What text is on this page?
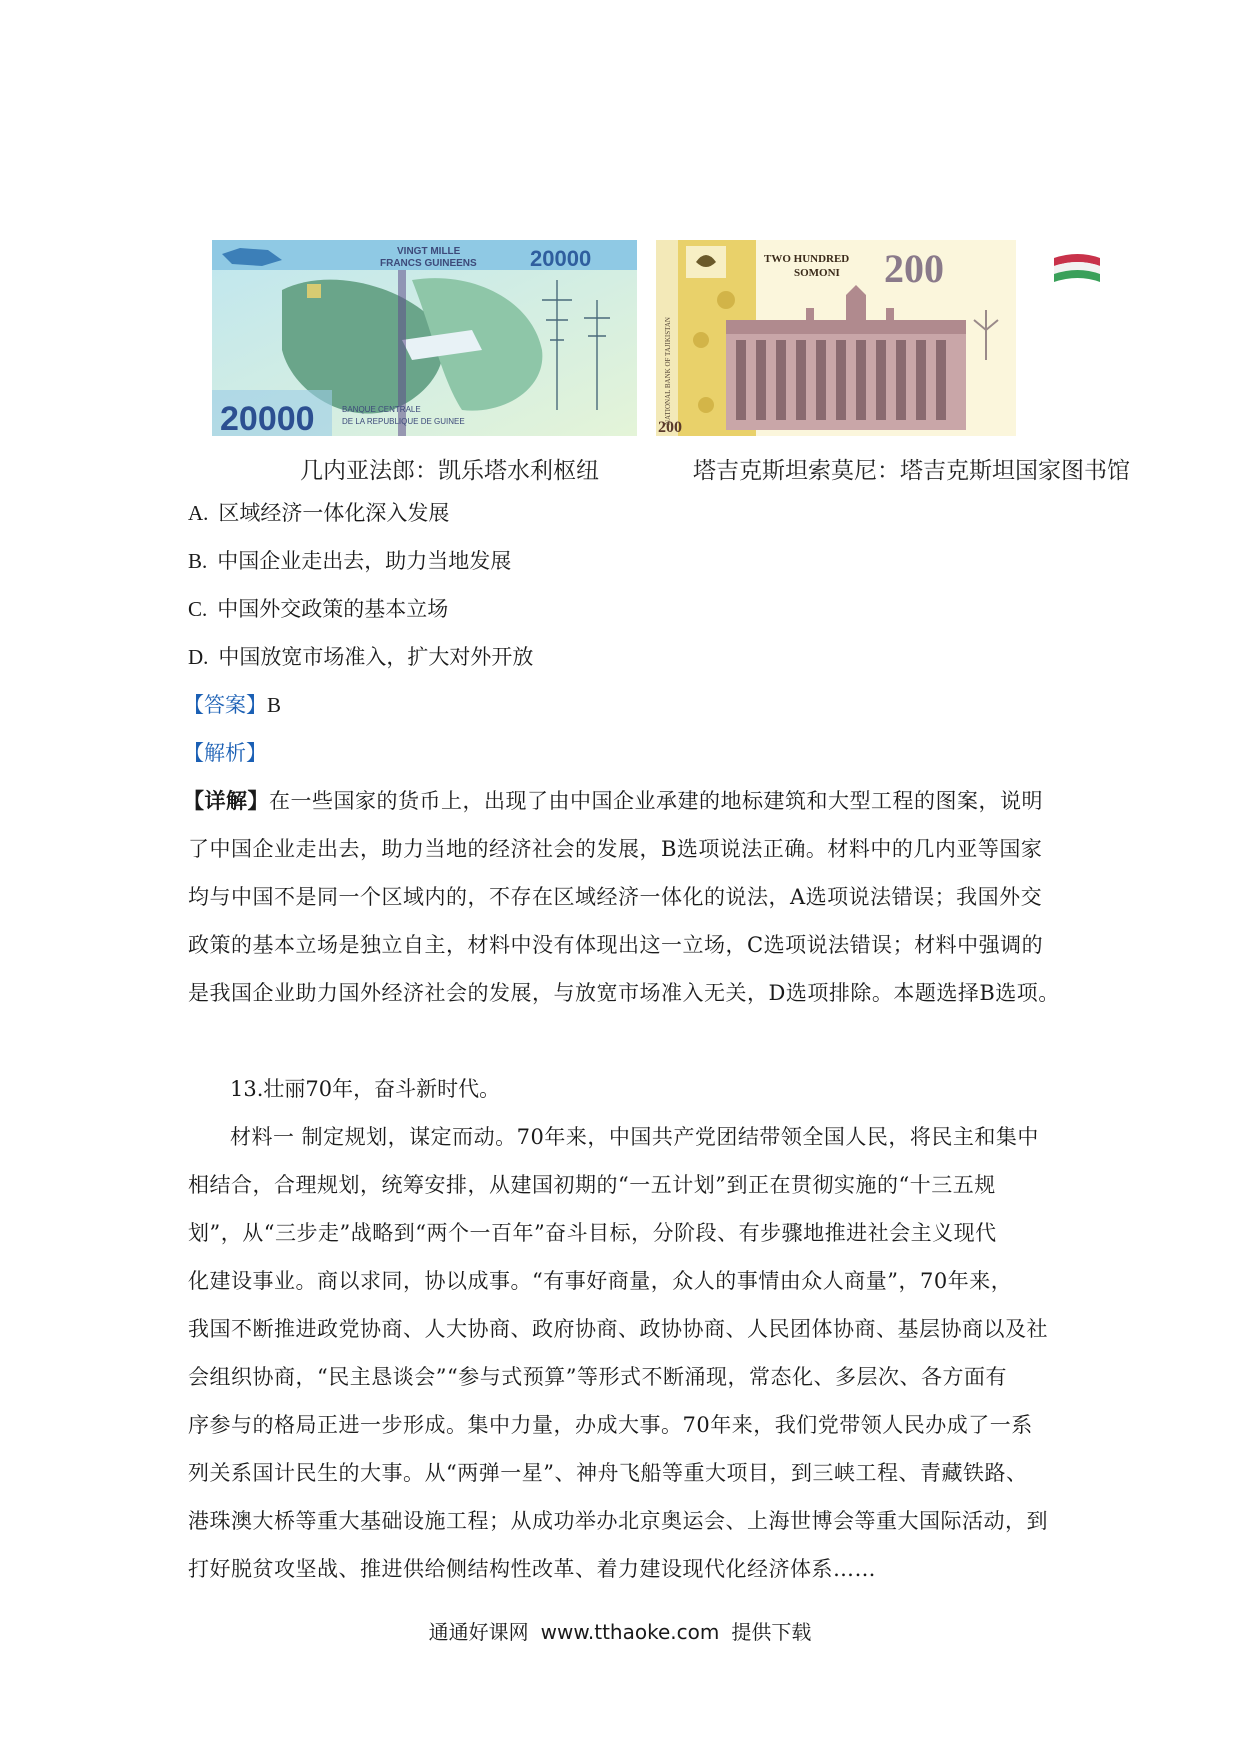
VINGT MILLE
FRANCS GUINEENS 20000
20000	BANQUE CENTRALE
DE LA REPUBLIQUE DE GUINEE
几内亚法郎：凯乐塔水利枢纽
TWO HUNDRED
SOMONI 200
200
NATIONAL BANK OF TAJIKISTAN
塔吉克斯坦索莫尼：塔吉克斯坦国家图书馆
A. 区域经济一体化深入发展
B. 中国企业走出去，助力当地发展
C. 中国外交政策的基本立场
D. 中国放宽市场准入，扩大对外开放
【答案】B
【解析】
【详解】在一些国家的货币上，出现了由中国企业承建的地标建筑和大型工程的图案，说明
了中国企业走出去，助力当地的经济社会的发展，B选项说法正确。材料中的几内亚等国家
均与中国不是同一个区域内的，不存在区域经济一体化的说法，A选项说法错误；我国外交
政策的基本立场是独立自主，材料中没有体现出这一立场，C选项说法错误；材料中强调的
是我国企业助力国外经济社会的发展，与放宽市场准入无关，D选项排除。本题选择B选项。
13.壮丽70年，奋斗新时代。
材料一 制定规划，谋定而动。70年来，中国共产党团结带领全国人民，将民主和集中
相结合，合理规划，统筹安排，从建国初期的“一五计划”到正在贯彻实施的“十三五规
划”，从“三步走”战略到“两个一百年”奋斗目标，分阶段、有步骤地推进社会主义现代
化建设事业。商以求同，协以成事。“有事好商量，众人的事情由众人商量”，70年来，
我国不断推进政党协商、人大协商、政府协商、政协协商、人民团体协商、基层协商以及社
会组织协商，“民主恳谈会”“参与式预算”等形式不断涌现，常态化、多层次、各方面有
序参与的格局正进一步形成。集中力量，办成大事。70年来，我们党带领人民办成了一系
列关系国计民生的大事。从“两弹一星”、神舟飞船等重大项目，到三峡工程、青藏铁路、
港珠澳大桥等重大基础设施工程；从成功举办北京奥运会、上海世博会等重大国际活动，到
打好脱贫攻坚战、推进供给侧结构性改革、着力建设现代化经济体系……
通通好课网 www.tthaoke.com 提供下载
